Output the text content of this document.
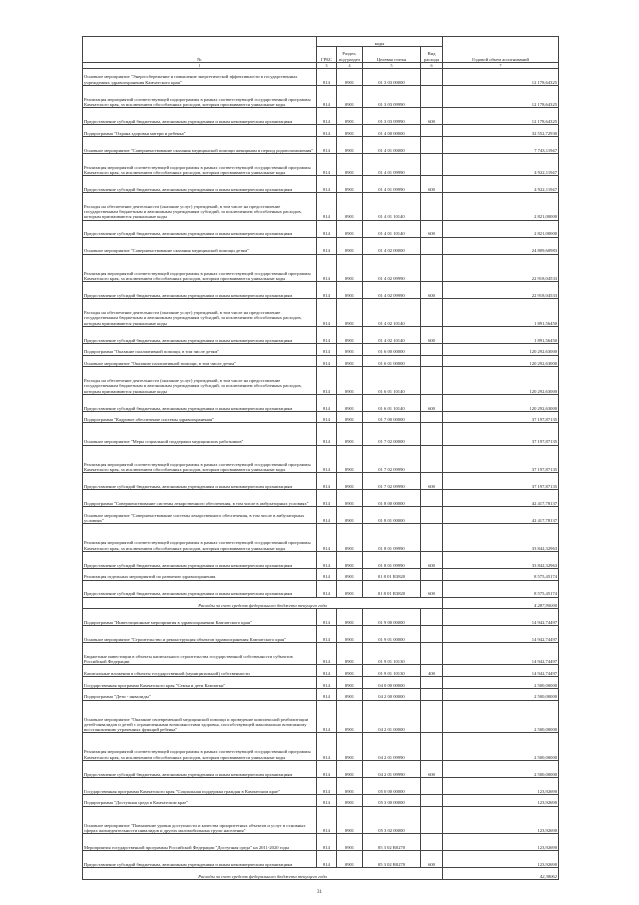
№	коды				Годовой объем ассигнований
	ГРБС	Раздел, под-раздел	Целевая статья	Вид расхода	
1	3	4	5	6	7
Основное мероприятие "Энергосбережение и повышение энергетической эффективности в государственных учреждениях здравоохранения Камчатского края"	814	0901	01 3 03 00000		12 178,64325
Реализация мероприятий соответствующей подпрограммы в рамках соответствующей государственной программы Камчатского края, за исключением обособленных расходов, которым присваиваются уникальные коды	814	0901	01 3 03 09990		12 178,64325
Предоставление субсидий бюджетным, автономным учреждениям и иным некоммерческим организациям	814	0901	01 3 03 09990	600	12 178,64325
Подпрограмма "Охрана здоровья матери и ребенка"	814	0901	01 4 00 00000		32 552,72930
Основное мероприятие "Совершенствование оказания медицинской помощи женщинам в период родовспоможения"	814	0901	01 4 01 00000		7 743,11947
Реализация мероприятий соответствующей подпрограммы в рамках соответствующей государственной программы Камчатского края, за исключением обособленных расходов, которым присваиваются уникальные коды	814	0901	01 4 01 09990		4 922,11947
Предоставление субсидий бюджетным, автономным учреждениям и иным некоммерческим организациям	814	0901	01 4 01 09990	600	4 922,11947
Расходы на обеспечение деятельности (оказание услуг) учреждений, в том числе на предоставление государственным бюджетным и автономным учреждениям субсидий, за исключением обособленных расходов, которым присваиваются уникальные коды	814	0901	01 4 01 10140		2 821,00000
Предоставление субсидий бюджетным, автономным учреждениям и иным некоммерческим организациям	814	0901	01 4 01 10140	600	2 821,00000
Основное мероприятие "Совершенствование оказания медицинской помощи детям"	814	0901	01 4 02 00000		24 809,60983
Реализация мероприятий соответствующей подпрограммы в рамках соответствующей государственной программы Камчатского края, за исключением обособленных расходов, которым присваиваются уникальные коды	814	0901	01 4 02 09990		22 918,04533
Предоставление субсидий бюджетным, автономным учреждениям и иным некоммерческим организациям	814	0901	01 4 02 09990	600	22 918,04533
Расходы на обеспечение деятельности (оказание услуг) учреждений, в том числе на предоставление государственным бюджетным и автономным учреждениям субсидий, за исключением обособленных расходов, которым присваиваются уникальные коды	814	0901	01 4 02 10140		1 891,56450
Предоставление субсидий бюджетным, автономным учреждениям и иным некоммерческим организациям	814	0901	01 4 02 10140	600	1 891,56450
Подпрограмма "Оказание паллиативной помощи, в том числе детям"	814	0901	01 6 00 00000		120 292,63000
Основное мероприятие "Оказание паллиативной помощи, в том числе детям"	814	0901	01 6 01 00000		120 292,63000
Расходы на обеспечение деятельности (оказание услуг) учреждений, в том числе на предоставление государственным бюджетным и автономным учреждениям субсидий, за исключением обособленных расходов, которым присваиваются уникальные коды	814	0901	01 6 01 10140		120 292,63000
Предоставление субсидий бюджетным, автономным учреждениям и иным некоммерческим организациям	814	0901	01 6 01 10140	600	120 292,63000
Подпрограмма "Кадровое обеспечение системы здравоохранения"	814	0901	01 7 00 00000		37 197,87135
Основное мероприятие "Меры социальной поддержки медицинских работников"	814	0901	01 7 02 00000		37 197,87135
Реализация мероприятий соответствующей подпрограммы в рамках соответствующей государственной программы Камчатского края, за исключением обособленных расходов, которым присваиваются уникальные коды	814	0901	01 7 02 09990		37 197,87135
Предоставление субсидий бюджетным, автономным учреждениям и иным некоммерческим организациям	814	0901	01 7 02 09990	600	37 197,87135
Подпрограмма "Совершенствование системы лекарственного обеспечения, в том числе в амбулаторных условиях"	814	0901	01 8 00 00000		42 417,78137
Основное мероприятие "Совершенствование системы лекарственного обеспечения, в том числе в амбулаторных условиях"	814	0901	01 8 01 00000		42 417,78137
Реализация мероприятий соответствующей подпрограммы в рамках соответствующей государственной программы Камчатского края, за исключением обособленных расходов, которым присваиваются уникальные коды	814	0901	01 8 01 09990		33 842,32963
Предоставление субсидий бюджетным, автономным учреждениям и иным некоммерческим организациям	814	0901	01 8 01 09990	600	33 842,32963
Реализация отдельных мероприятий по развитию здравоохранения	814	0901	01 8 01 R3820		8 575,45174
Предоставление субсидий бюджетным, автономным учреждениям и иным некоммерческим организациям	814	0901	01 8 01 R3820	600	8 575,45174
Расходы за счет средств федерального бюджета текущего года					4 287,90000
Подпрограмма "Инвестиционные мероприятия в здравоохранении Камчатского края"	814	0901	01 9 00 00000		14 942,74497
Основное мероприятие "Строительство и реконструкция объектов здравоохранения Камчатского края"	814	0901	01 9 01 00000		14 942,74497
Бюджетные инвестиции в объекты капитального строительства государственной собственности субъектов Российской Федерации	814	0901	01 9 01 10130		14 942,74497
Капитальные вложения в объекты государственной (муниципальной) собственности	814	0901	01 9 01 10130	400	14 942,74497
Государственная программа Камчатского края "Семья и дети Камчатки"	814	0901	04 0 00 00000		2 500,00000
Подпрограмма "Дети - инвалиды"	814	0901	04 2 00 00000		2 500,00000
Основное мероприятие "Оказание своевременной медицинской помощи и проведение комплексной реабилитации детей-инвалидов и детей с ограниченными возможностями здоровья, способствующей максимально возможному восстановлению утраченных функций ребенка"	814	0901	04 2 01 00000		2 500,00000
Реализация мероприятий соответствующей подпрограммы в рамках соответствующей государственной программы Камчатского края, за исключением обособленных расходов, которым присваиваются уникальные коды	814	0901	04 2 01 09990		2 500,00000
Предоставление субсидий бюджетным, автономным учреждениям и иным некоммерческим организациям	814	0901	04 2 01 09990	600	2 500,00000
Государственная программа Камчатского края "Социальная поддержка граждан в Камчатском крае"	814	0901	05 0 00 00000		123,92690
Подпрограмма "Доступная среда в Камчатском крае"	814	0901	05 3 00 00000		123,92690
Основное мероприятие "Повышение уровня доступности и качества приоритетных объектов и услуг в основных сферах жизнедеятельности инвалидов и других маломобильных групп населения"	814	0901	05 3 02 00000		123,92690
Мероприятия государственной программы Российской Федерации "Доступная среда" на 2011-2020 годы	814	0901	05 3 02 R0270		123,92690
Предоставление субсидий бюджетным, автономным учреждениям и иным некоммерческим организациям	814	0901	05 3 02 R0270	600	123,92690
Расходы за счет средств федерального бюджета текущего года					42,38062
31
